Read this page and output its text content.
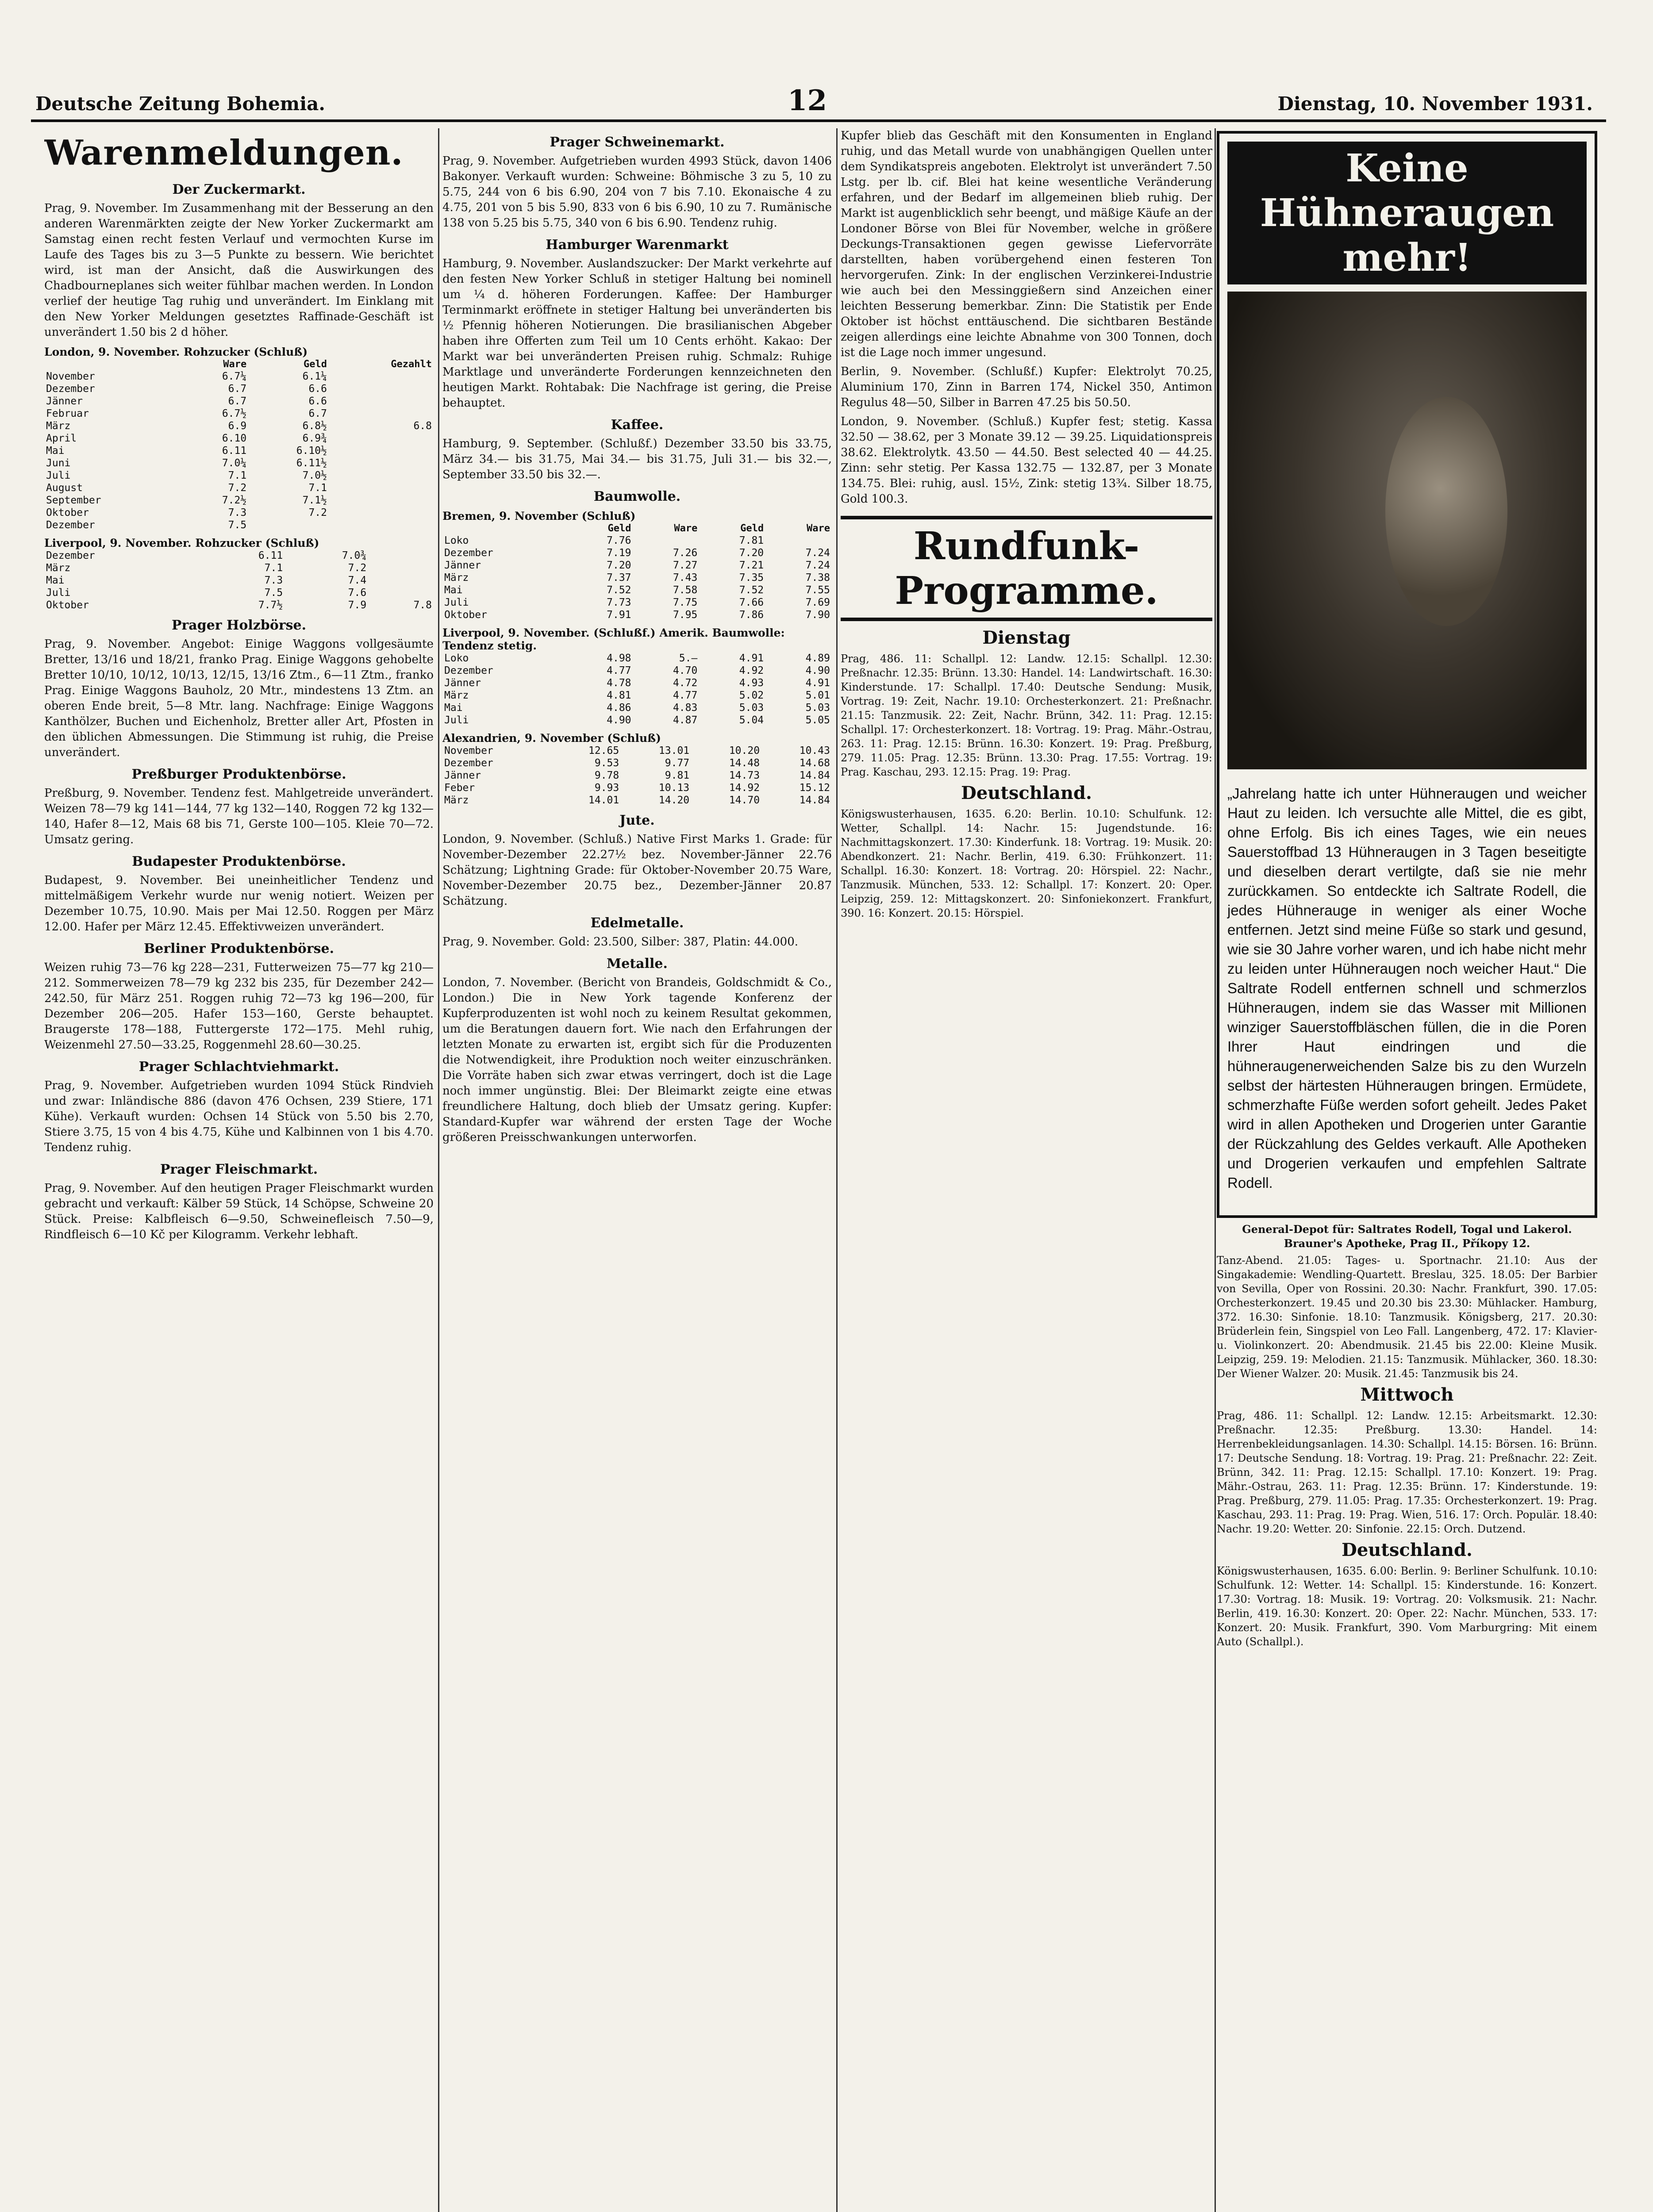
Deutsche Zeitung Bohemia.	12	Dienstag, 10. November 1931.
Warenmeldungen.
Der Zuckermarkt.

Prag, 9. November. Im Zusammenhang mit der Besserung an den anderen Warenmärkten zeigte der New Yorker Zuckermarkt am Samstag einen recht festen Verlauf und vermochten Kurse im Laufe des Tages bis zu 3—5 Punkte zu bessern. Wie berichtet wird, ist man der Ansicht, daß die Auswirkungen des Chadbourneplanes sich weiter fühlbar machen werden. In London verlief der heutige Tag ruhig und unverändert. Im Einklang mit den New Yorker Meldungen gesetztes Raffinade-Geschäft ist unverändert 1.50 bis 2 d höher.

London, 9. November. Rohzucker (Schluß)
	Ware	Geld	Gezahlt
November	6.7¼	6.1¼	
Dezember	6.7	6.6	
Jänner	6.7	6.6	
Februar	6.7½	6.7	
März	6.9	6.8½	6.8
April	6.10	6.9¾	
Mai	6.11	6.10½	
Juni	7.0¼	6.11½	
Juli	7.1	7.0½	
August	7.2	7.1	
September	7.2½	7.1½	
Oktober	7.3	7.2	
Dezember	7.5		
Liverpool, 9. November. Rohzucker (Schluß)
Dezember	6.11	7.0¾	
März	7.1	7.2	
Mai	7.3	7.4	
Juli	7.5	7.6	
Oktober	7.7½	7.9	7.8
Prager Holzbörse.

Prag, 9. November. Angebot: Einige Waggons vollgesäumte Bretter, 13/16 und 18/21, franko Prag. Einige Waggons gehobelte Bretter 10/10, 10/12, 10/13, 12/15, 13/16 Ztm., 6—11 Ztm., franko Prag. Einige Waggons Bauholz, 20 Mtr., mindestens 13 Ztm. an oberen Ende breit, 5—8 Mtr. lang. Nachfrage: Einige Waggons Kanthölzer, Buchen und Eichenholz, Bretter aller Art, Pfosten in den üblichen Abmessungen. Die Stimmung ist ruhig, die Preise unverändert.

Preßburger Produktenbörse.

Preßburg, 9. November. Tendenz fest. Mahlgetreide unverändert. Weizen 78—79 kg 141—144, 77 kg 132—140, Roggen 72 kg 132—140, Hafer 8—12, Mais 68 bis 71, Gerste 100—105. Kleie 70—72. Umsatz gering.

Budapester Produktenbörse.

Budapest, 9. November. Bei uneinheitlicher Tendenz und mittelmäßigem Verkehr wurde nur wenig notiert. Weizen per Dezember 10.75, 10.90. Mais per Mai 12.50. Roggen per März 12.00. Hafer per März 12.45. Effektivweizen unverändert.

Berliner Produktenbörse.

Weizen ruhig 73—76 kg 228—231, Futterweizen 75—77 kg 210—212. Sommerweizen 78—79 kg 232 bis 235, für Dezember 242—242.50, für März 251. Roggen ruhig 72—73 kg 196—200, für Dezember 206—205. Hafer 153—160, Gerste behauptet. Braugerste 178—188, Futtergerste 172—175. Mehl ruhig, Weizenmehl 27.50—33.25, Roggenmehl 28.60—30.25.

Prager Schlachtviehmarkt.

Prag, 9. November. Aufgetrieben wurden 1094 Stück Rindvieh und zwar: Inländische 886 (davon 476 Ochsen, 239 Stiere, 171 Kühe). Verkauft wurden: Ochsen 14 Stück von 5.50 bis 2.70, Stiere 3.75, 15 von 4 bis 4.75, Kühe und Kalbinnen von 1 bis 4.70. Tendenz ruhig.

Prager Fleischmarkt.

Prag, 9. November. Auf den heutigen Prager Fleischmarkt wurden gebracht und verkauft: Kälber 59 Stück, 14 Schöpse, Schweine 20 Stück. Preise: Kalbfleisch 6—9.50, Schweinefleisch 7.50—9, Rindfleisch 6—10 Kč per Kilogramm. Verkehr lebhaft.

Prager Schweinemarkt.

Prag, 9. November. Aufgetrieben wurden 4993 Stück, davon 1406 Bakonyer. Verkauft wurden: Schweine: Böhmische 3 zu 5, 10 zu 5.75, 244 von 6 bis 6.90, 204 von 7 bis 7.10. Ekonaische 4 zu 4.75, 201 von 5 bis 5.90, 833 von 6 bis 6.90, 10 zu 7. Rumänische 138 von 5.25 bis 5.75, 340 von 6 bis 6.90. Tendenz ruhig.

Hamburger Warenmarkt

Hamburg, 9. November. Auslandszucker: Der Markt verkehrte auf den festen New Yorker Schluß in stetiger Haltung bei nominell um ¼ d. höheren Forderungen. Kaffee: Der Hamburger Terminmarkt eröffnete in stetiger Haltung bei unveränderten bis ½ Pfennig höheren Notierungen. Die brasilianischen Abgeber haben ihre Offerten zum Teil um 10 Cents erhöht. Kakao: Der Markt war bei unveränderten Preisen ruhig. Schmalz: Ruhige Marktlage und unveränderte Forderungen kennzeichneten den heutigen Markt. Rohtabak: Die Nachfrage ist gering, die Preise behauptet.

Kaffee.

Hamburg, 9. September. (Schlußf.) Dezember 33.50 bis 33.75, März 34.— bis 31.75, Mai 34.— bis 31.75, Juli 31.— bis 32.—, September 33.50 bis 32.—.

Baumwolle.
Bremen, 9. November (Schluß)
	Geld	Ware	Geld	Ware
Loko	7.76		7.81	
Dezember	7.19	7.26	7.20	7.24
Jänner	7.20	7.27	7.21	7.24
März	7.37	7.43	7.35	7.38
Mai	7.52	7.58	7.52	7.55
Juli	7.73	7.75	7.66	7.69
Oktober	7.91	7.95	7.86	7.90
Liverpool, 9. November. (Schlußf.) Amerik. Baumwolle: Tendenz stetig.
Loko	4.98	5.—	4.91	4.89
Dezember	4.77	4.70	4.92	4.90
Jänner	4.78	4.72	4.93	4.91
März	4.81	4.77	5.02	5.01
Mai	4.86	4.83	5.03	5.03
Juli	4.90	4.87	5.04	5.05
Alexandrien, 9. November (Schluß)
November	12.65	13.01	10.20	10.43
Dezember	9.53	9.77	14.48	14.68
Jänner	9.78	9.81	14.73	14.84
Feber	9.93	10.13	14.92	15.12
März	14.01	14.20	14.70	14.84
Jute.

London, 9. November. (Schluß.) Native First Marks 1. Grade: für November-Dezember 22.27½ bez. November-Jänner 22.76 Schätzung; Lightning Grade: für Oktober-November 20.75 Ware, November-Dezember 20.75 bez., Dezember-Jänner 20.87 Schätzung.

Edelmetalle.

Prag, 9. November. Gold: 23.500, Silber: 387, Platin: 44.000.

Metalle.

London, 7. November. (Bericht von Brandeis, Goldschmidt & Co., London.) Die in New York tagende Konferenz der Kupferproduzenten ist wohl noch zu keinem Resultat gekommen, um die Beratungen dauern fort. Wie nach den Erfahrungen der letzten Monate zu erwarten ist, ergibt sich für die Produzenten die Notwendigkeit, ihre Produktion noch weiter einzuschränken. Die Vorräte haben sich zwar etwas verringert, doch ist die Lage noch immer ungünstig. Blei: Der Bleimarkt zeigte eine etwas freundlichere Haltung, doch blieb der Umsatz gering. Kupfer: Standard-Kupfer war während der ersten Tage der Woche größeren Preisschwankungen unterworfen.

Kupfer blieb das Geschäft mit den Konsumenten in England ruhig, und das Metall wurde von unabhängigen Quellen unter dem Syndikatspreis angeboten. Elektrolyt ist unverändert 7.50 Lstg. per lb. cif. Blei hat keine wesentliche Veränderung erfahren, und der Bedarf im allgemeinen blieb ruhig. Der Markt ist augenblicklich sehr beengt, und mäßige Käufe an der Londoner Börse von Blei für November, welche in größere Deckungs-Transaktionen gegen gewisse Liefervorräte darstellten, haben vorübergehend einen festeren Ton hervorgerufen. Zink: In der englischen Verzinkerei-Industrie wie auch bei den Messinggießern sind Anzeichen einer leichten Besserung bemerkbar. Zinn: Die Statistik per Ende Oktober ist höchst enttäuschend. Die sichtbaren Bestände zeigen allerdings eine leichte Abnahme von 300 Tonnen, doch ist die Lage noch immer ungesund.

Berlin, 9. November. (Schlußf.) Kupfer: Elektrolyt 70.25, Aluminium 170, Zinn in Barren 174, Nickel 350, Antimon Regulus 48—50, Silber in Barren 47.25 bis 50.50.

London, 9. November. (Schluß.) Kupfer fest; stetig. Kassa 32.50 — 38.62, per 3 Monate 39.12 — 39.25. Liquidationspreis 38.62. Elektrolytk. 43.50 — 44.50. Best selected 40 — 44.25. Zinn: sehr stetig. Per Kassa 132.75 — 132.87, per 3 Monate 134.75. Blei: ruhig, ausl. 15½, Zink: stetig 13¾. Silber 18.75, Gold 100.3.

Rundfunk-Programme.
Dienstag

Prag, 486. 11: Schallpl. 12: Landw. 12.15: Schallpl. 12.30: Preßnachr. 12.35: Brünn. 13.30: Handel. 14: Landwirtschaft. 16.30: Kinderstunde. 17: Schallpl. 17.40: Deutsche Sendung: Musik, Vortrag. 19: Zeit, Nachr. 19.10: Orchesterkonzert. 21: Preßnachr. 21.15: Tanzmusik. 22: Zeit, Nachr. Brünn, 342. 11: Prag. 12.15: Schallpl. 17: Orchesterkonzert. 18: Vortrag. 19: Prag. Mähr.-Ostrau, 263. 11: Prag. 12.15: Brünn. 16.30: Konzert. 19: Prag. Preßburg, 279. 11.05: Prag. 12.35: Brünn. 13.30: Prag. 17.55: Vortrag. 19: Prag. Kaschau, 293. 12.15: Prag. 19: Prag.

Deutschland.

Königswusterhausen, 1635. 6.20: Berlin. 10.10: Schulfunk. 12: Wetter, Schallpl. 14: Nachr. 15: Jugendstunde. 16: Nachmittagskonzert. 17.30: Kinderfunk. 18: Vortrag. 19: Musik. 20: Abendkonzert. 21: Nachr. Berlin, 419. 6.30: Frühkonzert. 11: Schallpl. 16.30: Konzert. 18: Vortrag. 20: Hörspiel. 22: Nachr., Tanzmusik. München, 533. 12: Schallpl. 17: Konzert. 20: Oper. Leipzig, 259. 12: Mittagskonzert. 20: Sinfoniekonzert. Frankfurt, 390. 16: Konzert. 20.15: Hörspiel.

Keine Hühneraugen mehr!

„Jahrelang hatte ich unter Hühneraugen und weicher Haut zu leiden. Ich versuchte alle Mittel, die es gibt, ohne Erfolg. Bis ich eines Tages, wie ein neues Sauerstoffbad 13 Hühneraugen in 3 Tagen beseitigte und dieselben derart vertilgte, daß sie nie mehr zurückkamen. So entdeckte ich Saltrate Rodell, die jedes Hühnerauge in weniger als einer Woche entfernen. Jetzt sind meine Füße so stark und gesund, wie sie 30 Jahre vorher waren, und ich habe nicht mehr zu leiden unter Hühneraugen noch weicher Haut.“ Die Saltrate Rodell entfernen schnell und schmerzlos Hühneraugen, indem sie das Wasser mit Millionen winziger Sauerstoffbläschen füllen, die in die Poren Ihrer Haut eindringen und die hühneraugenerweichenden Salze bis zu den Wurzeln selbst der härtesten Hühneraugen bringen. Ermüdete, schmerzhafte Füße werden sofort geheilt. Jedes Paket wird in allen Apotheken und Drogerien unter Garantie der Rückzahlung des Geldes verkauft. Alle Apotheken und Drogerien verkaufen und empfehlen Saltrate Rodell.

General-Depot für: Saltrates Rodell, Togal und Lakerol. Brauner's Apotheke, Prag II., Příkopy 12.

Tanz-Abend. 21.05: Tages- u. Sportnachr. 21.10: Aus der Singakademie: Wendling-Quartett. Breslau, 325. 18.05: Der Barbier von Sevilla, Oper von Rossini. 20.30: Nachr. Frankfurt, 390. 17.05: Orchesterkonzert. 19.45 und 20.30 bis 23.30: Mühlacker. Hamburg, 372. 16.30: Sinfonie. 18.10: Tanzmusik. Königsberg, 217. 20.30: Brüderlein fein, Singspiel von Leo Fall. Langenberg, 472. 17: Klavier- u. Violinkonzert. 20: Abendmusik. 21.45 bis 22.00: Kleine Musik. Leipzig, 259. 19: Melodien. 21.15: Tanzmusik. Mühlacker, 360. 18.30: Der Wiener Walzer. 20: Musik. 21.45: Tanzmusik bis 24.

Mittwoch

Prag, 486. 11: Schallpl. 12: Landw. 12.15: Arbeitsmarkt. 12.30: Preßnachr. 12.35: Preßburg. 13.30: Handel. 14: Herrenbekleidungsanlagen. 14.30: Schallpl. 14.15: Börsen. 16: Brünn. 17: Deutsche Sendung. 18: Vortrag. 19: Prag. 21: Preßnachr. 22: Zeit. Brünn, 342. 11: Prag. 12.15: Schallpl. 17.10: Konzert. 19: Prag. Mähr.-Ostrau, 263. 11: Prag. 12.35: Brünn. 17: Kinderstunde. 19: Prag. Preßburg, 279. 11.05: Prag. 17.35: Orchesterkonzert. 19: Prag. Kaschau, 293. 11: Prag. 19: Prag. Wien, 516. 17: Orch. Populär. 18.40: Nachr. 19.20: Wetter. 20: Sinfonie. 22.15: Orch. Dutzend.

Deutschland.

Königswusterhausen, 1635. 6.00: Berlin. 9: Berliner Schulfunk. 10.10: Schulfunk. 12: Wetter. 14: Schallpl. 15: Kinderstunde. 16: Konzert. 17.30: Vortrag. 18: Musik. 19: Vortrag. 20: Volksmusik. 21: Nachr. Berlin, 419. 16.30: Konzert. 20: Oper. 22: Nachr. München, 533. 17: Konzert. 20: Musik. Frankfurt, 390. Vom Marburgring: Mit einem Auto (Schallpl.).
